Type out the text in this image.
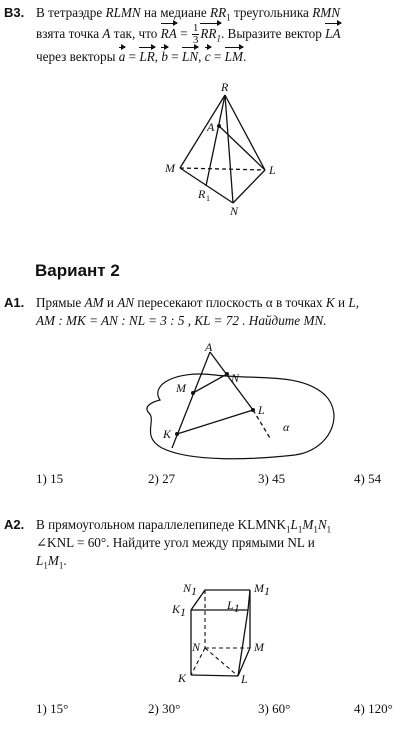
B3. В тетраэдре RLMN на медиане $RR_1$ треугольника RMN
взята точка A так, что RA = $\frac{1}{3} RR_1$. Выразите вектор LA
через векторы a = LR, b = LN, c = LM.
R
A
M	L
R 1
N
A
M
N
L
K	α
N1	M1
K1	L1
N	M
K	L
Вариант 2
A1. Прямые AM и AN пересекают плоскость α в точках K и L,
AM : MK = AN : NL = 3 : 5 , KL = 72 . Найдите MN.
1) 15	2) 27	3) 45	4) 54
A2. В прямоугольном параллелепипеде $KLMNK_1L_1M_1N_1$
∠KNL = 60°. Найдите угол между прямыми NL и
$L_1M_1$.
1) 15°	2) 30°	3) 60°	4) 120°
